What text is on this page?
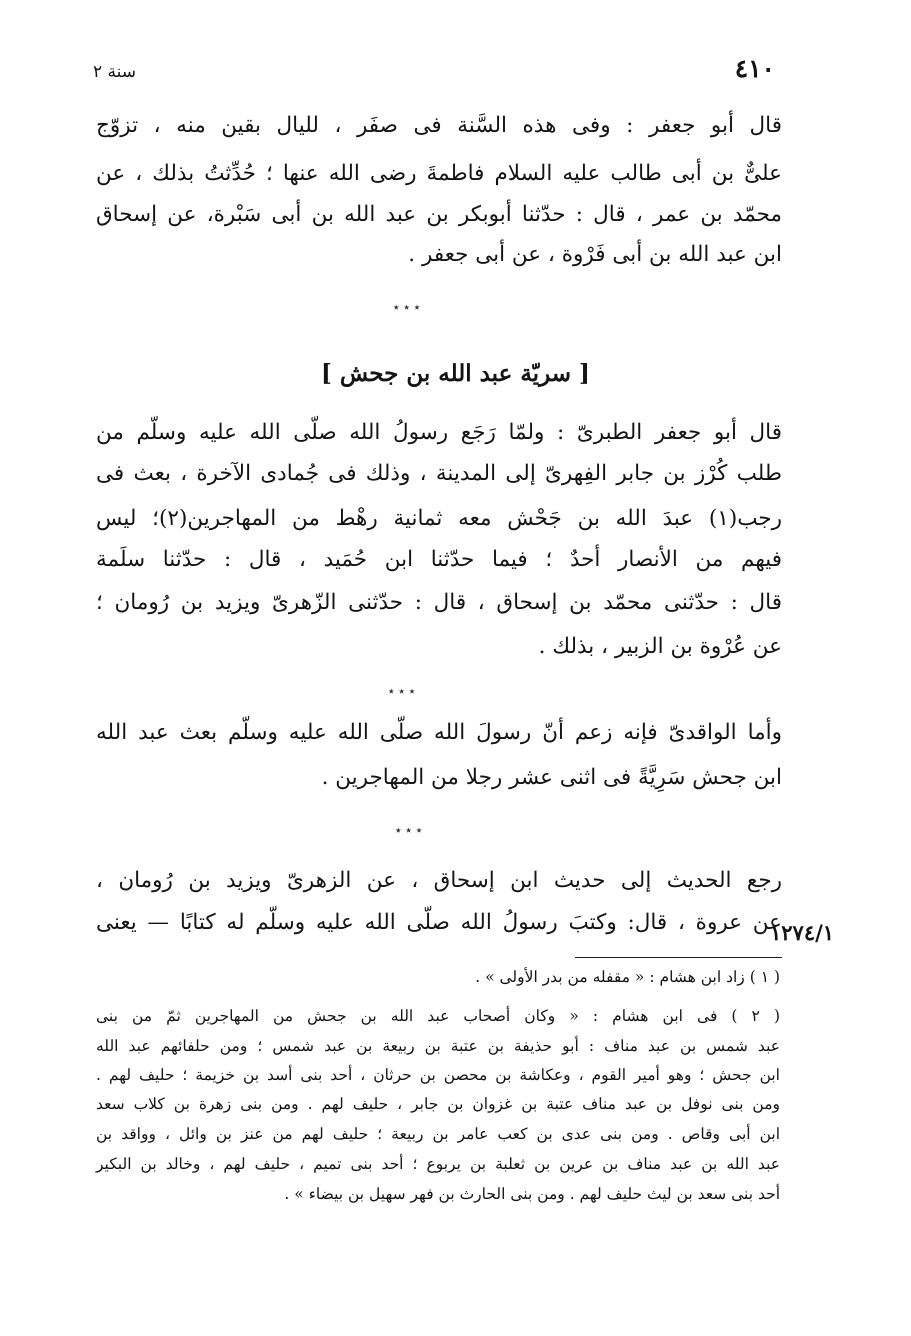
سنة ٢	٤١٠
قال أبو جعفر : وفى هذه السَّنة فى صفَر ، لليال بقين منه ، تزوّج
علىٌّ بن أبى طالب عليه السلام فاطمةَ رضى الله عنها ؛ حُدِّثتُ بذلك ، عن
محمّد بن عمر ، قال : حدّثنا أبوبكر بن عبد الله بن أبى سَبْرة، عن إسحاق
ابن عبد الله بن أبى فَرْوة ، عن أبى جعفر .
٭ ٭ ٭
[ سريّة عبد الله بن جحش ]
قال أبو جعفر الطبرىّ : ولمّا رَجَع رسولُ الله صلّى الله عليه وسلّم من
طلب كُرْز بن جابر الفِهرىّ إلى المدينة ، وذلك فى جُمادى الآخرة ، بعث فى
رجب(١) عبدَ الله بن جَحْش معه ثمانية رهْط من المهاجرين(٢)؛ ليس
فيهم من الأنصار أحدٌ ؛ فيما حدّثنا ابن حُمَيد ، قال : حدّثنا سلَمة
قال : حدّثنى محمّد بن إسحاق ، قال : حدّثنى الزّهرىّ ويزيد بن رُومان ؛
عن عُرْوة بن الزبير ، بذلك .
٭ ٭ ٭
وأما الواقدىّ فإنه زعم أنّ رسولَ الله صلّى الله عليه وسلّم بعث عبد الله
ابن جحش سَرِيَّةً فى اثنى عشر رجلا من المهاجرين .
٭ ٭ ٭
رجع الحديث إلى حديث ابن إسحاق ، عن الزهرىّ ويزيد بن رُومان ،
عن عروة ، قال: وكتبَ رسولُ الله صلّى الله عليه وسلّم له كتابًا — يعنى
١٢٧٤/١
( ١ ) زاد ابن هشام : « مقفله من بدر الأولى » .
( ٢ ) فى ابن هشام : « وكان أصحاب عبد الله بن جحش من المهاجرين ثمّ من بنى
عبد شمس بن عبد مناف : أبو حذيفة بن عتبة بن ربيعة بن عبد شمس ؛ ومن حلفائهم عبد الله
ابن جحش ؛ وهو أمير القوم ، وعكاشة بن محصن بن حرثان ، أحد بنى أسد بن خزيمة ؛ حليف لهم .
ومن بنى نوفل بن عبد مناف عتبة بن غزوان بن جابر ، حليف لهم . ومن بنى زهرة بن كلاب سعد
ابن أبى وقاص . ومن بنى عدى بن كعب عامر بن ربيعة ؛ حليف لهم من عنز بن وائل ، وواقد بن
عبد الله بن عبد مناف بن عرين بن ثعلبة بن يربوع ؛ أحد بنى تميم ، حليف لهم ، وخالد بن البكير
أحد بنى سعد بن ليث حليف لهم . ومن بنى الحارث بن فهر سهيل بن بيضاء » .
